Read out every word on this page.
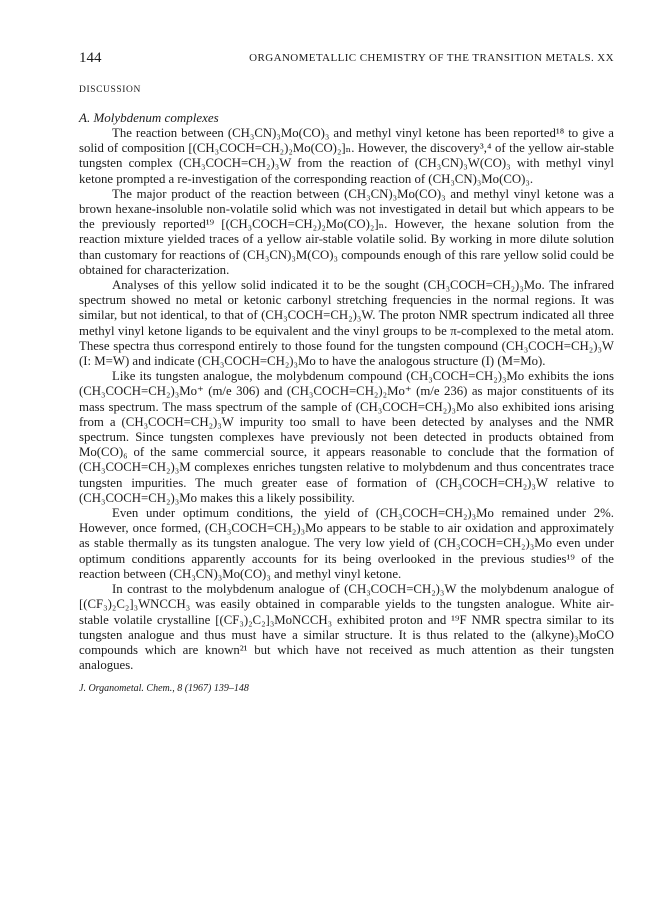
144	ORGANOMETALLIC CHEMISTRY OF THE TRANSITION METALS. XX
DISCUSSION
A. Molybdenum complexes

The reaction between (CH₃CN)₃Mo(CO)₃ and methyl vinyl ketone has been reported¹⁸ to give a solid of composition [(CH₃COCH=CH₂)₂Mo(CO)₂]ₙ. However, the discovery³,⁴ of the yellow air-stable tungsten complex (CH₃COCH=CH₂)₃W from the reaction of (CH₃CN)₃W(CO)₃ with methyl vinyl ketone prompted a re-investigation of the corresponding reaction of (CH₃CN)₃Mo(CO)₃.

The major product of the reaction between (CH₃CN)₃Mo(CO)₃ and methyl vinyl ketone was a brown hexane-insoluble non-volatile solid which was not investigated in detail but which appears to be the previously reported¹⁹ [(CH₃COCH=CH₂)₂Mo(CO)₂]ₙ. However, the hexane solution from the reaction mixture yielded traces of a yellow air-stable volatile solid. By working in more dilute solution than customary for reactions of (CH₃CN)₃M(CO)₃ compounds enough of this rare yellow solid could be obtained for characterization.

Analyses of this yellow solid indicated it to be the sought (CH₃COCH=CH₂)₃Mo. The infrared spectrum showed no metal or ketonic carbonyl stretching frequencies in the normal regions. It was similar, but not identical, to that of (CH₃COCH=CH₂)₃W. The proton NMR spectrum indicated all three methyl vinyl ketone ligands to be equivalent and the vinyl groups to be π-complexed to the metal atom. These spectra thus correspond entirely to those found for the tungsten compound (CH₃COCH=CH₂)₃W (I: M=W) and indicate (CH₃COCH=CH₂)₃Mo to have the analogous structure (I) (M=Mo).

Like its tungsten analogue, the molybdenum compound (CH₃COCH=CH₂)₃Mo exhibits the ions (CH₃COCH=CH₂)₃Mo⁺ (m/e 306) and (CH₃COCH=CH₂)₂Mo⁺ (m/e 236) as major constituents of its mass spectrum. The mass spectrum of the sample of (CH₃COCH=CH₂)₃Mo also exhibited ions arising from a (CH₃COCH=CH₂)₃W impurity too small to have been detected by analyses and the NMR spectrum. Since tungsten complexes have previously not been detected in products obtained from Mo(CO)₆ of the same commercial source, it appears reasonable to conclude that the formation of (CH₃COCH=CH₂)₃M complexes enriches tungsten relative to molybdenum and thus concentrates trace tungsten impurities. The much greater ease of formation of (CH₃COCH=CH₂)₃W relative to (CH₃COCH=CH₂)₃Mo makes this a likely possibility.

Even under optimum conditions, the yield of (CH₃COCH=CH₂)₃Mo remained under 2%. However, once formed, (CH₃COCH=CH₂)₃Mo appears to be stable to air oxidation and approximately as stable thermally as its tungsten analogue. The very low yield of (CH₃COCH=CH₂)₃Mo even under optimum conditions apparently accounts for its being overlooked in the previous studies¹⁹ of the reaction between (CH₃CN)₃Mo(CO)₃ and methyl vinyl ketone.

In contrast to the molybdenum analogue of (CH₃COCH=CH₂)₃W the molybdenum analogue of [(CF₃)₂C₂]₃WNCCH₃ was easily obtained in comparable yields to the tungsten analogue. White air-stable volatile crystalline [(CF₃)₂C₂]₃MoNCCH₃ exhibited proton and ¹⁹F NMR spectra similar to its tungsten analogue and thus must have a similar structure. It is thus related to the (alkyne)₃MoCO compounds which are known²¹ but which have not received as much attention as their tungsten analogues.

J. Organometal. Chem., 8 (1967) 139–148
